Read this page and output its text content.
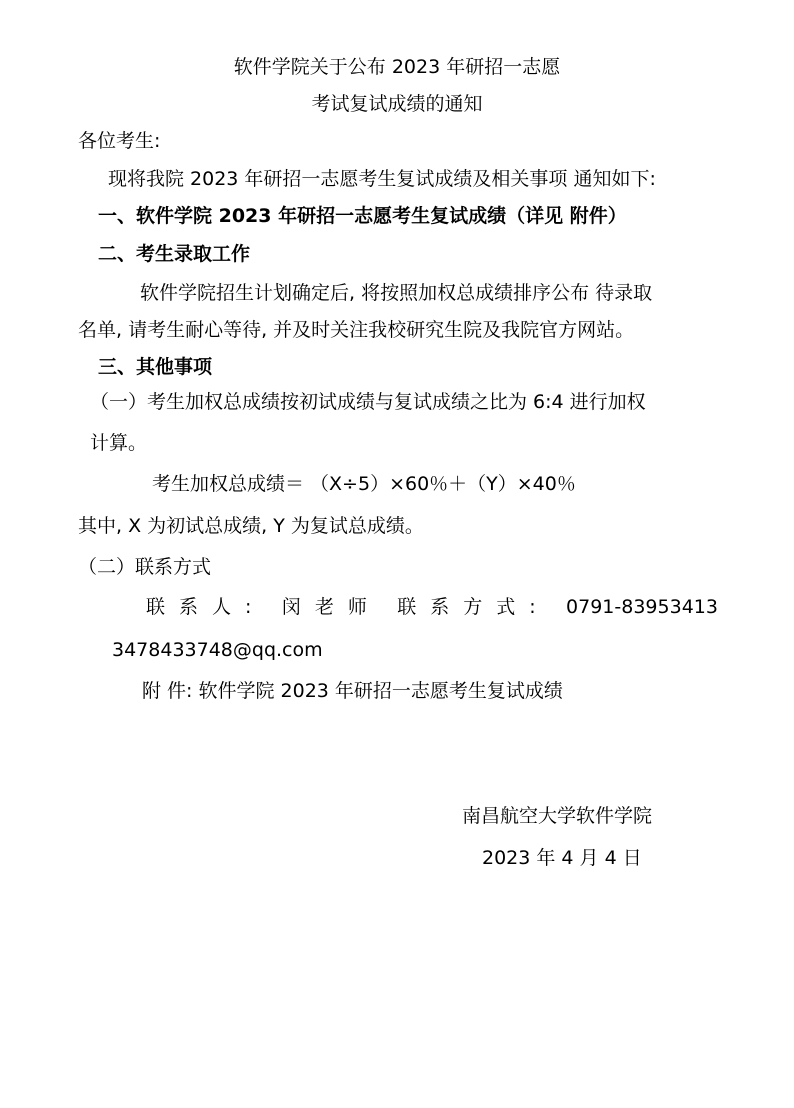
软件学院关于公布 2023 年研招一志愿
考试复试成绩的通知
各位考生:
现将我院 2023 年研招一志愿考生复试成绩及相关事项 通知如下:
一、软件学院 2023 年研招一志愿考生复试成绩（详见 附件）
二、考生录取工作
软件学院招生计划确定后, 将按照加权总成绩排序公布 待录取
名单, 请考生耐心等待, 并及时关注我校研究生院及我院官方网站。
三、其他事项
（一）考生加权总成绩按初试成绩与复试成绩之比为 6:4 进行加权
计算。
考生加权总成绩＝ （X÷5）×60％＋（Y）×40％
其中, X 为初试总成绩, Y 为复试总成绩。
（二）联系方式
联系人: 闵老师 联系方式: 0791-83953413
3478433748@qq.com
附 件: 软件学院 2023 年研招一志愿考生复试成绩
南昌航空大学软件学院
2023 年 4 月 4 日
